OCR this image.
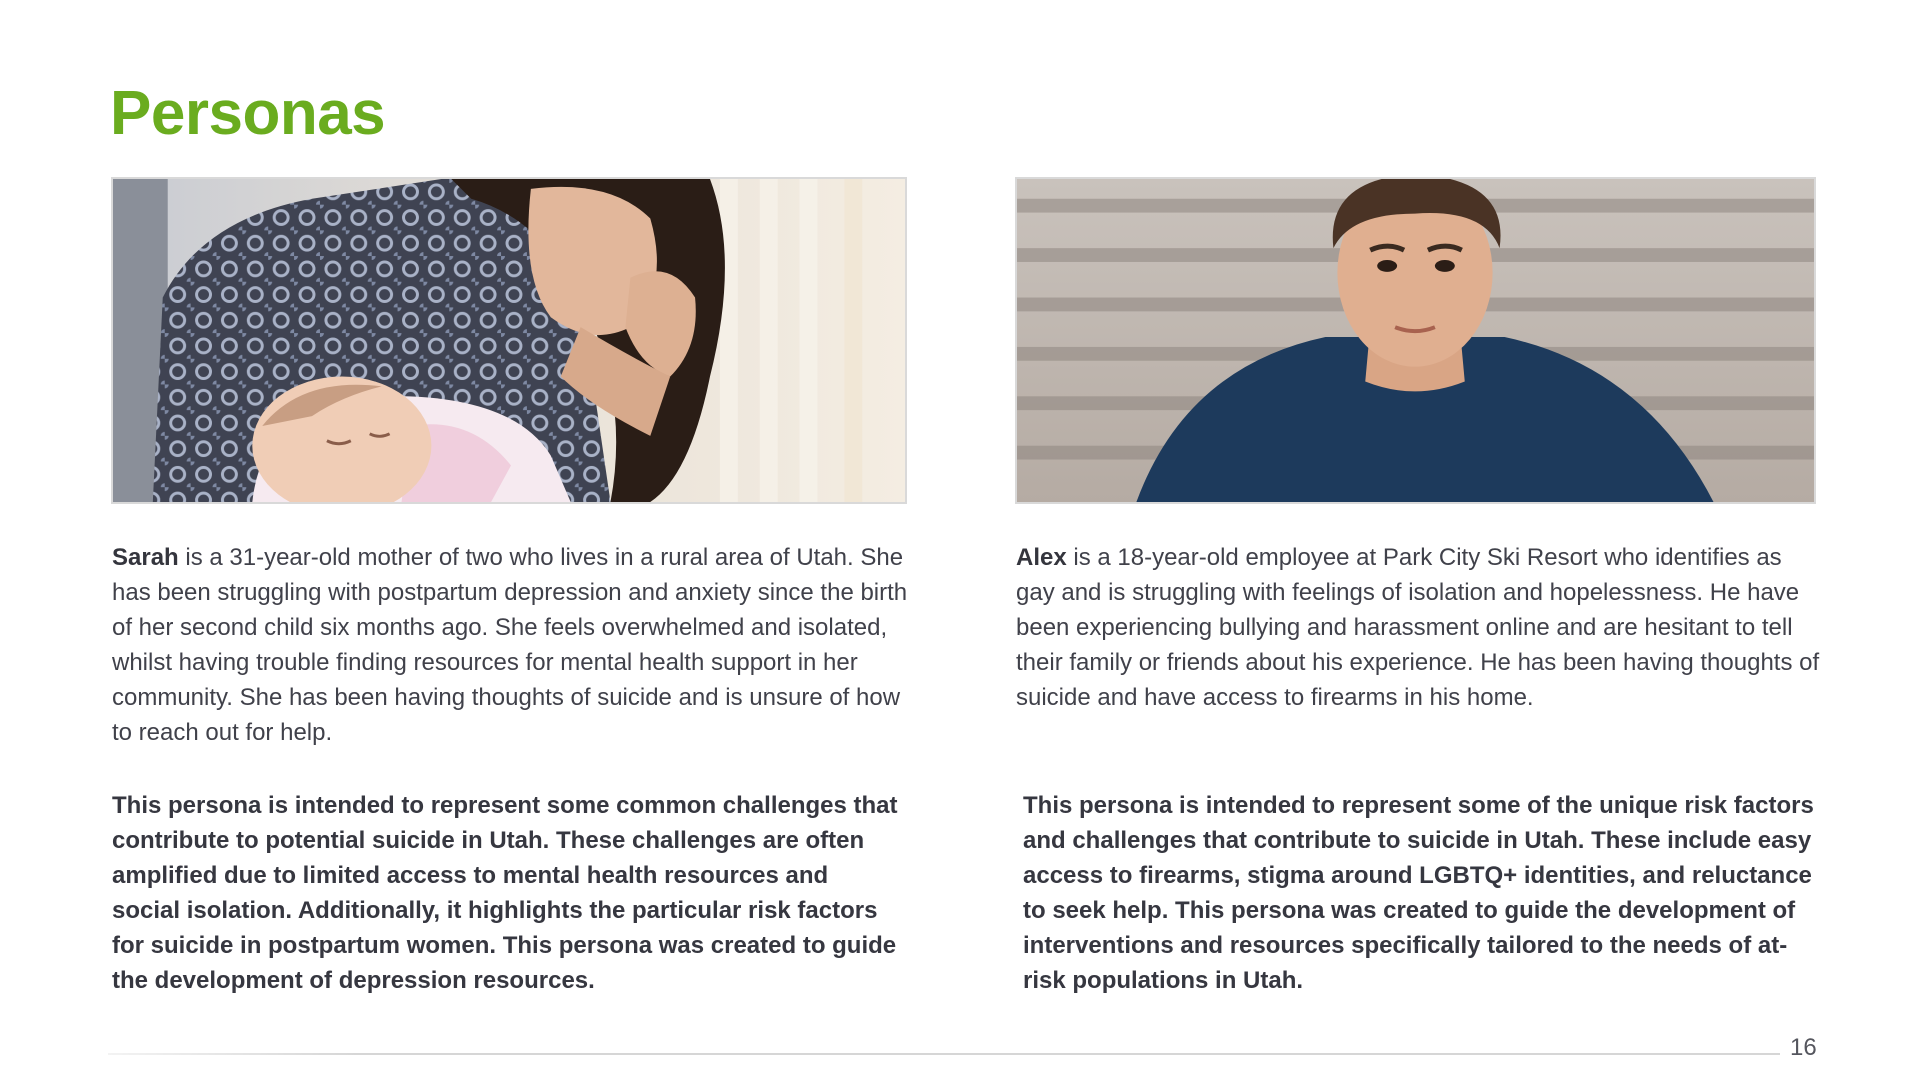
Personas

Sarah is a 31-year-old mother of two who lives in a rural area of Utah. She has been struggling with postpartum depression and anxiety since the birth of her second child six months ago. She feels overwhelmed and isolated, whilst having trouble finding resources for mental health support in her community. She has been having thoughts of suicide and is unsure of how to reach out for help.

Alex is a 18-year-old employee at Park City Ski Resort who identifies as gay and is struggling with feelings of isolation and hopelessness. He have been experiencing bullying and harassment online and are hesitant to tell their family or friends about his experience. He has been having thoughts of suicide and have access to firearms in his home.

This persona is intended to represent some common challenges that contribute to potential suicide in Utah. These challenges are often amplified due to limited access to mental health resources and social isolation. Additionally, it highlights the particular risk factors for suicide in postpartum women. This persona was created to guide the development of depression resources.

This persona is intended to represent some of the unique risk factors and challenges that contribute to suicide in Utah. These include easy access to firearms, stigma around LGBTQ+ identities, and reluctance to seek help. This persona was created to guide the development of interventions and resources specifically tailored to the needs of at-risk populations in Utah.

16
